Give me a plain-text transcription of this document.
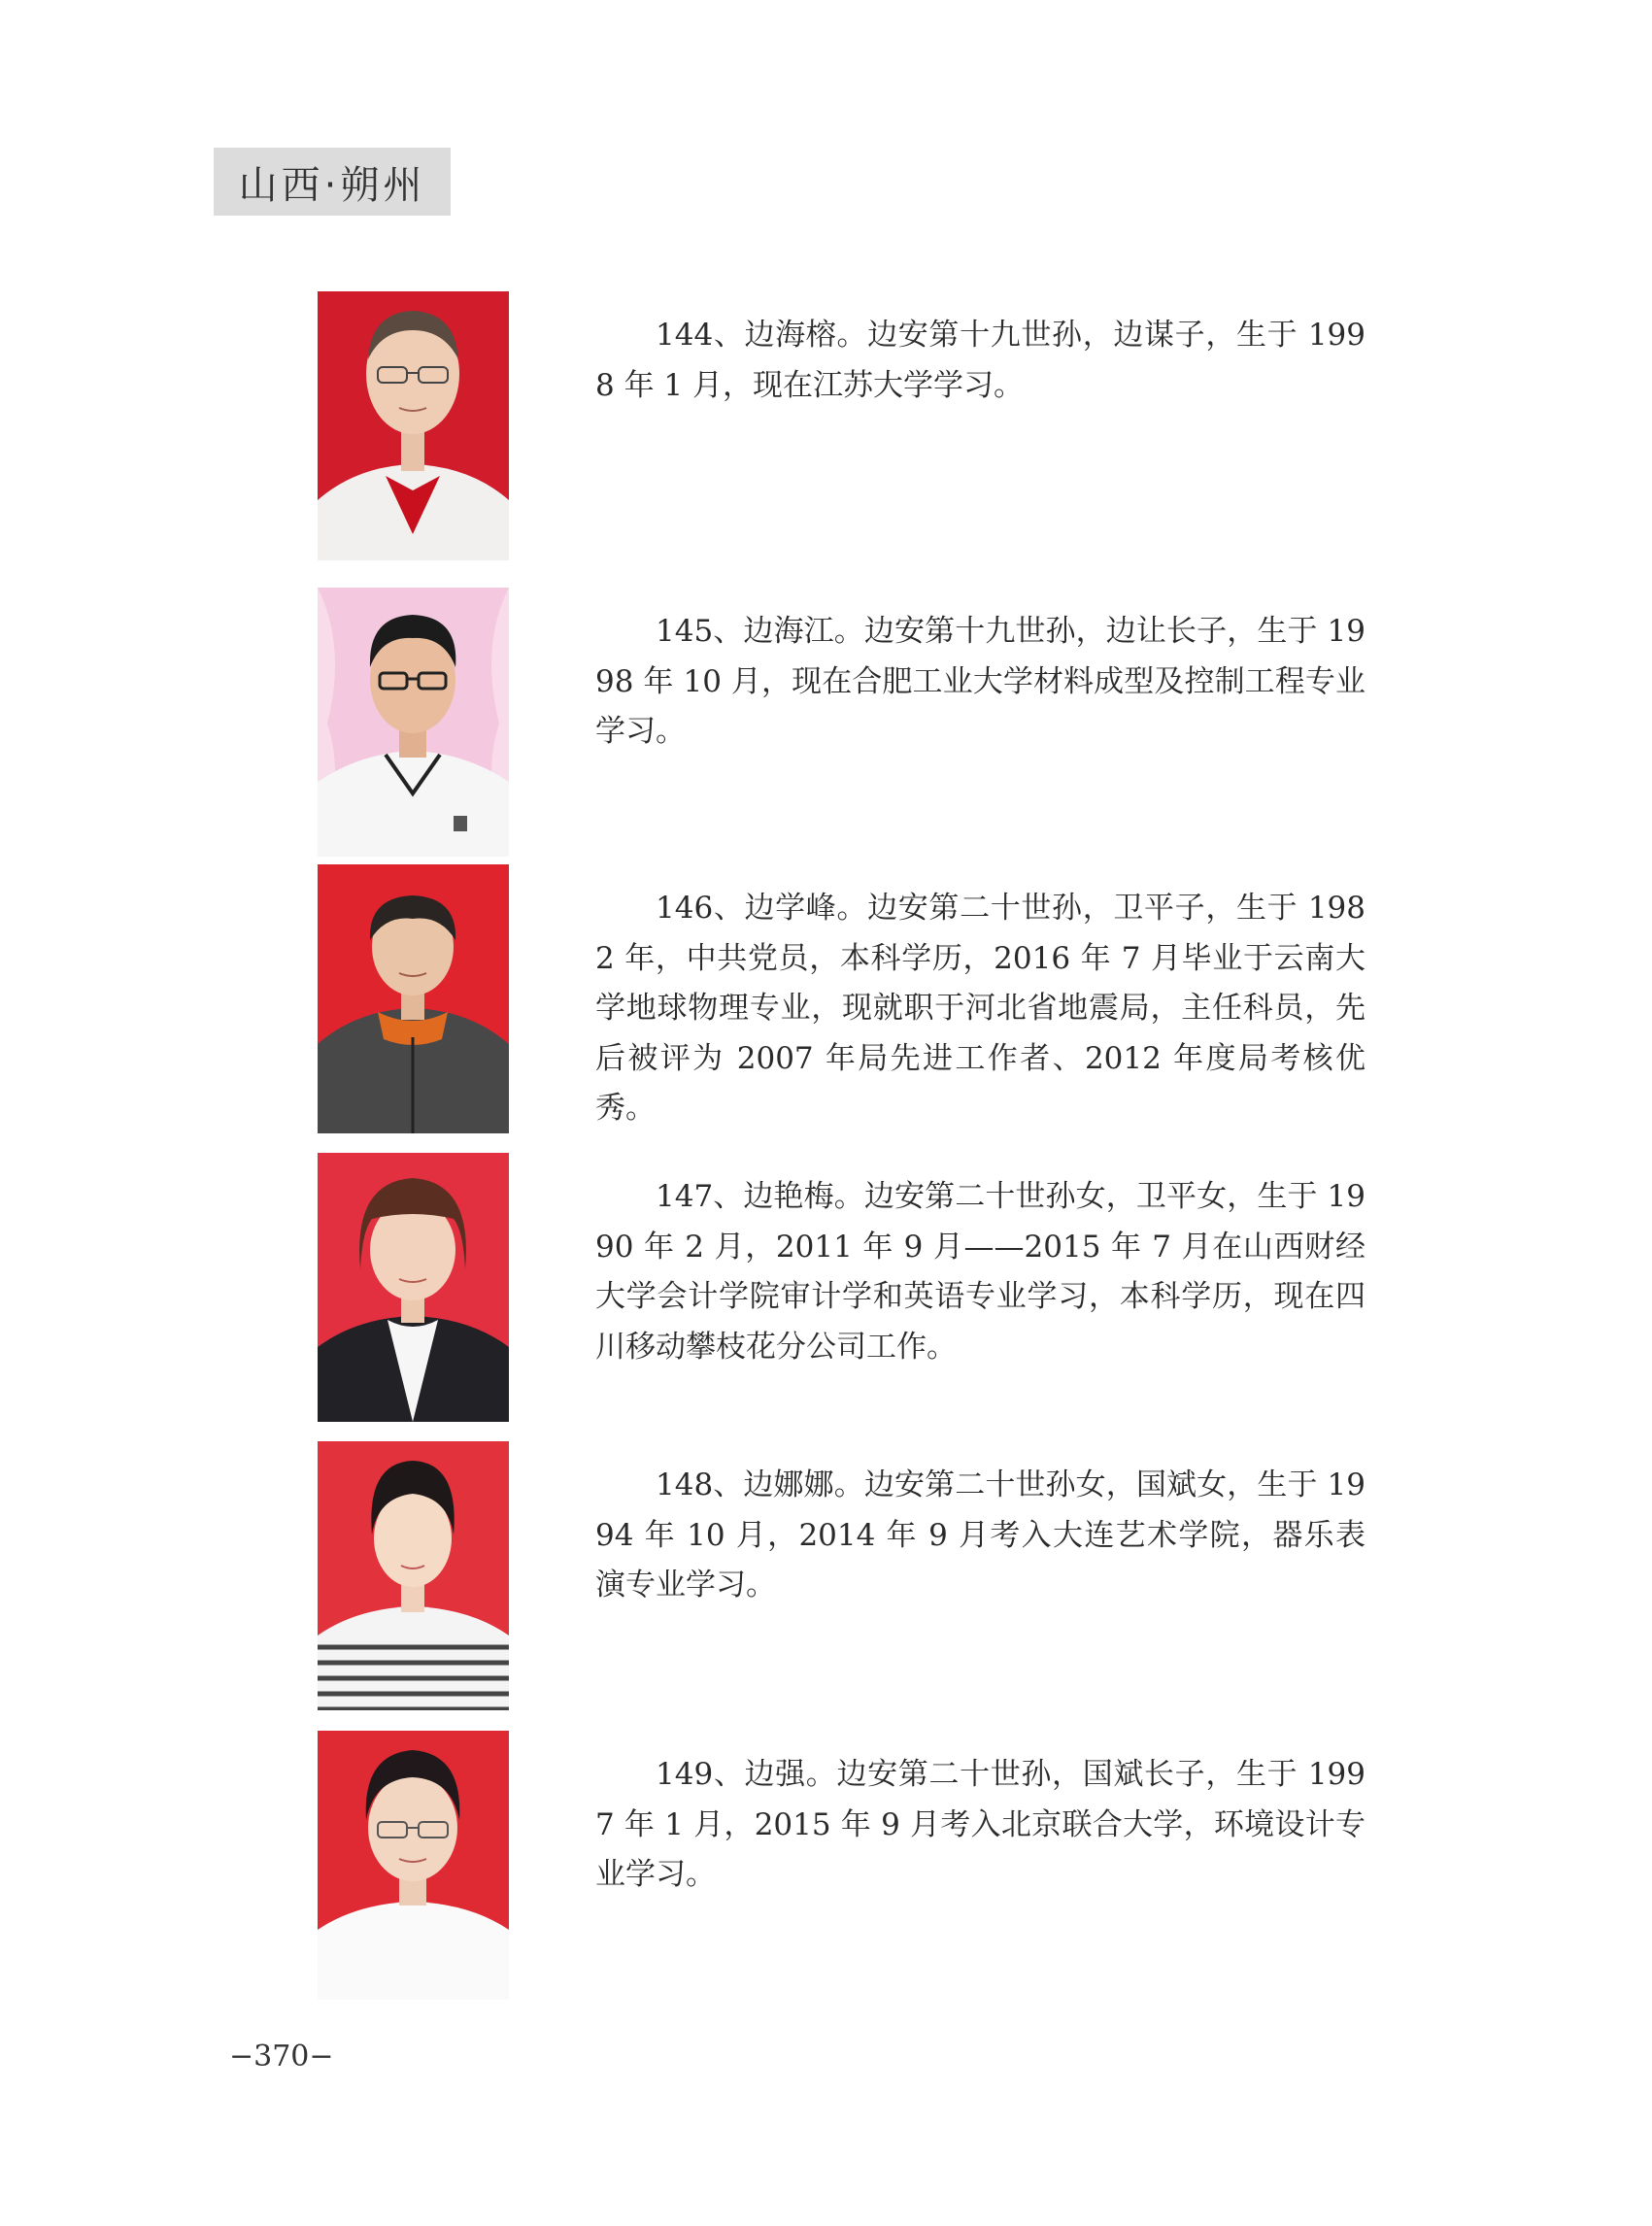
山西·朔州
144、边海榕。边安第十九世孙，边谋子，生于 1998 年 1 月，现在江苏大学学习。
145、边海江。边安第十九世孙，边让长子，生于 1998 年 10 月，现在合肥工业大学材料成型及控制工程专业学习。
146、边学峰。边安第二十世孙，卫平子，生于 1982 年，中共党员，本科学历，2016 年 7 月毕业于云南大学地球物理专业，现就职于河北省地震局，主任科员，先后被评为 2007 年局先进工作者、2012 年度局考核优秀。
147、边艳梅。边安第二十世孙女，卫平女，生于 1990 年 2 月，2011 年 9 月——2015 年 7 月在山西财经大学会计学院审计学和英语专业学习，本科学历，现在四川移动攀枝花分公司工作。
148、边娜娜。边安第二十世孙女，国斌女，生于 1994 年 10 月，2014 年 9 月考入大连艺术学院，器乐表演专业学习。
149、边强。边安第二十世孙，国斌长子，生于 1997 年 1 月，2015 年 9 月考入北京联合大学，环境设计专业学习。
−370−
